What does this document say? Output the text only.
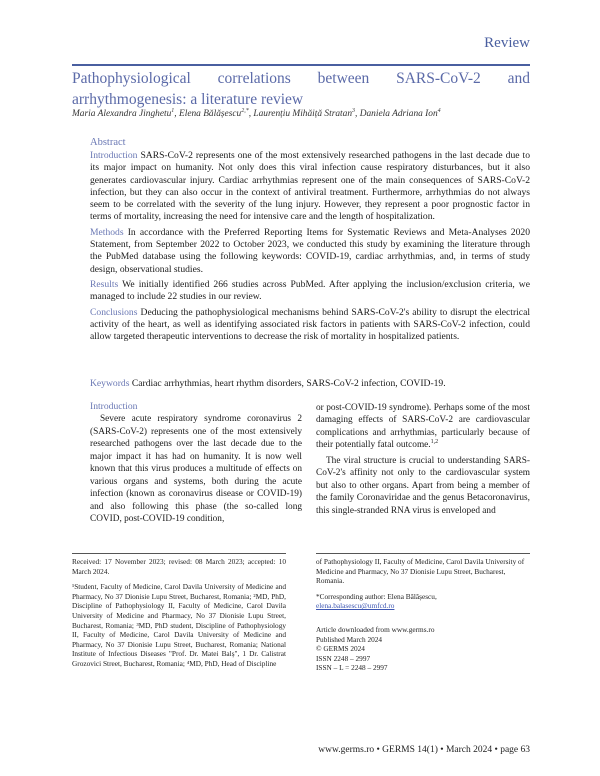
Review
Pathophysiological correlations between SARS-CoV-2 and arrhythmogenesis: a literature review
Maria Alexandra Jinghetu$^1$, Elena Bălășescu$^{2,*}$, Laurențiu Mihăiță Stratan$^3$, Daniela Adriana Ion$^4$
Abstract

Introduction SARS-CoV-2 represents one of the most extensively researched pathogens in the last decade due to its major impact on humanity. Not only does this viral infection cause respiratory disturbances, but it also generates cardiovascular injury. Cardiac arrhythmias represent one of the main consequences of SARS-CoV-2 infection, but they can also occur in the context of antiviral treatment. Furthermore, arrhythmias do not always seem to be correlated with the severity of the lung injury. However, they represent a poor prognostic factor in terms of mortality, increasing the need for intensive care and the length of hospitalization.

Methods In accordance with the Preferred Reporting Items for Systematic Reviews and Meta-Analyses 2020 Statement, from September 2022 to October 2023, we conducted this study by examining the literature through the PubMed database using the following keywords: COVID-19, cardiac arrhythmias, and, in terms of study design, observational studies.

Results We initially identified 266 studies across PubMed. After applying the inclusion/exclusion criteria, we managed to include 22 studies in our review.

Conclusions Deducing the pathophysiological mechanisms behind SARS-CoV-2's ability to disrupt the electrical activity of the heart, as well as identifying associated risk factors in patients with SARS-CoV-2 infection, could allow targeted therapeutic interventions to decrease the risk of mortality in hospitalized patients.

Keywords Cardiac arrhythmias, heart rhythm disorders, SARS-CoV-2 infection, COVID-19.

Introduction

Severe acute respiratory syndrome coronavirus 2 (SARS-CoV-2) represents one of the most extensively researched pathogens over the last decade due to the major impact it has had on humanity. It is now well known that this virus produces a multitude of effects on various organs and systems, both during the acute infection (known as coronavirus disease or COVID-19) and also following this phase (the so-called long COVID, post-COVID-19 condition,

or post-COVID-19 syndrome). Perhaps some of the most damaging effects of SARS-CoV-2 are cardiovascular complications and arrhythmias, particularly because of their potentially fatal outcome.$^{1,2}$

The viral structure is crucial to understanding SARS-CoV-2's affinity not only to the cardiovascular system but also to other organs. Apart from being a member of the family Coronaviridae and the genus Betacoronavirus, this single-stranded RNA virus is enveloped and

Received: 17 November 2023; revised: 08 March 2023; accepted: 10 March 2024.

¹Student, Faculty of Medicine, Carol Davila University of Medicine and Pharmacy, No 37 Dionisie Lupu Street, Bucharest, Romania; ²MD, PhD, Discipline of Pathophysiology II, Faculty of Medicine, Carol Davila University of Medicine and Pharmacy, No 37 Dionisie Lupu Street, Bucharest, Romania; ³MD, PhD student, Discipline of Pathophysiology II, Faculty of Medicine, Carol Davila University of Medicine and Pharmacy, No 37 Dionisie Lupu Street, Bucharest, Romania; National Institute of Infectious Diseases "Prof. Dr. Matei Balș", 1 Dr. Calistrat Grozovici Street, Bucharest, Romania; ⁴MD, PhD, Head of Discipline

of Pathophysiology II, Faculty of Medicine, Carol Davila University of Medicine and Pharmacy, No 37 Dionisie Lupu Street, Bucharest, Romania.

*Corresponding author: Elena Bălășescu,

elena.balasescu@umfcd.ro

Article downloaded from www.germs.ro
Published March 2024
© GERMS 2024
ISSN 2248 – 2997
ISSN – L = 2248 – 2997
www.germs.ro • GERMS 14(1) • March 2024 • page 63
